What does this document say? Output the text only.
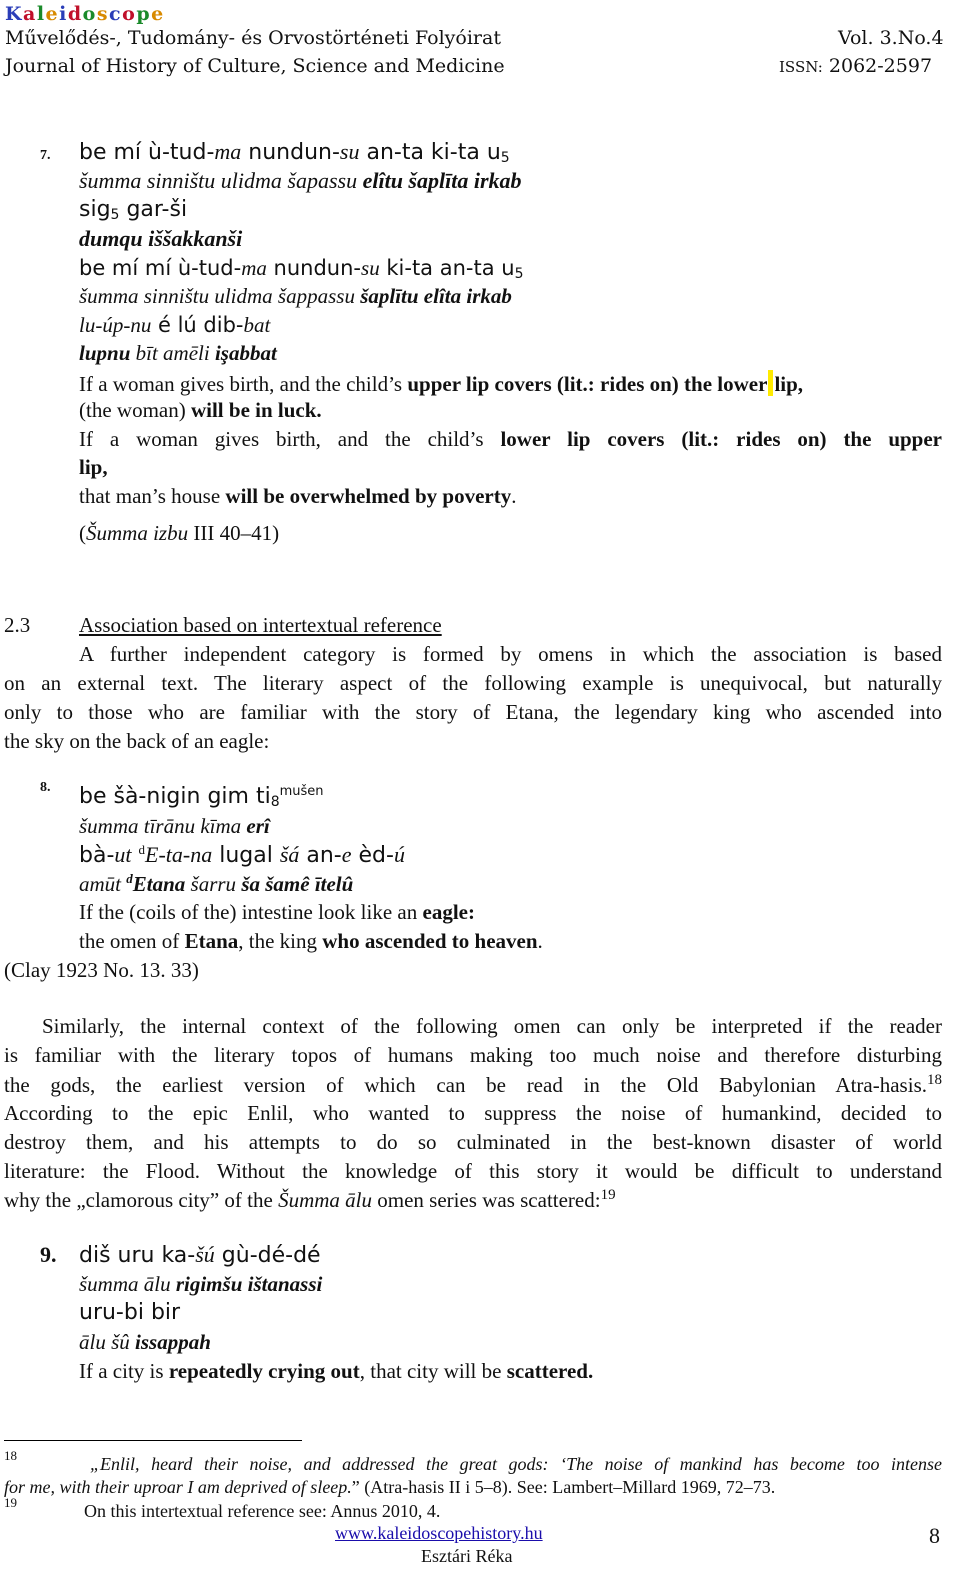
Kaleidoscope
Művelődés-, Tudomány- és Orvostörténeti Folyóirat	Vol. 3.No.4
Journal of History of Culture, Science and Medicine	ISSN: 2062-2597
7. be mí ù-tud-ma nundun-su an-ta ki-ta $u_5$
šumma sinništu ulidma šapassu elîtu šaplīta irkab
sig$_5$ gar-ši
dumqu iššakkanši
be mí mí ù-tud-ma nundun-su ki-ta an-ta $u_5$
šumma sinništu ulidma šappassu šaplītu elîta irkab
lu-úp-nu é lú dib-bat
lupnu bīt amēli işabbat
If a woman gives birth, and the child’s upper lip covers (lit.: rides on) the lower lip,
(the woman) will be in luck.
If a woman gives birth, and the child’s lower lip covers (lit.: rides on) the upper
lip,
that man’s house will be overwhelmed by poverty.
(Šumma izbu III 40–41)
2.3 Association based on intertextual reference
A further independent category is formed by omens in which the association is based
on an external text. The literary aspect of the following example is unequivocal, but naturally
only to those who are familiar with the story of Etana, the legendary king who ascended into
the sky on the back of an eagle:
8. be šà-nigin gim $ti_8^{mušen}$
šumma tīrānu kīma erî
bà-ut $^d$E-ta-na lugal šá an-e èd-ú
amūt $^d$Etana šarru ša šamê ītelû
If the (coils of the) intestine look like an eagle:
the omen of Etana, the king who ascended to heaven.
(Clay 1923 No. 13. 33)
Similarly, the internal context of the following omen can only be interpreted if the reader
is familiar with the literary topos of humans making too much noise and therefore disturbing
the gods, the earliest version of which can be read in the Old Babylonian Atra-hasis.$^{18}$
According to the epic Enlil, who wanted to suppress the noise of humankind, decided to
destroy them, and his attempts to do so culminated in the best-known disaster of world
literature: the Flood. Without the knowledge of this story it would be difficult to understand
why the „clamorous city” of the Šumma ālu omen series was scattered:$^{19}$
9. diš uru ka-šú gù-dé-dé
šumma ālu rigimšu ištanassi
uru-bi bir
ālu šû issappah
If a city is repeatedly crying out, that city will be scattered.
18	„Enlil, heard their noise, and addressed the great gods: ‘The noise of mankind has become too intense
for me, with their uproar I am deprived of sleep.” (Atra-hasis II i 5–8). See: Lambert–Millard 1969, 72–73.
19	On this intertextual reference see: Annus 2010, 4.
www.kaleidoscopehistory.hu
Esztári Réka
8
